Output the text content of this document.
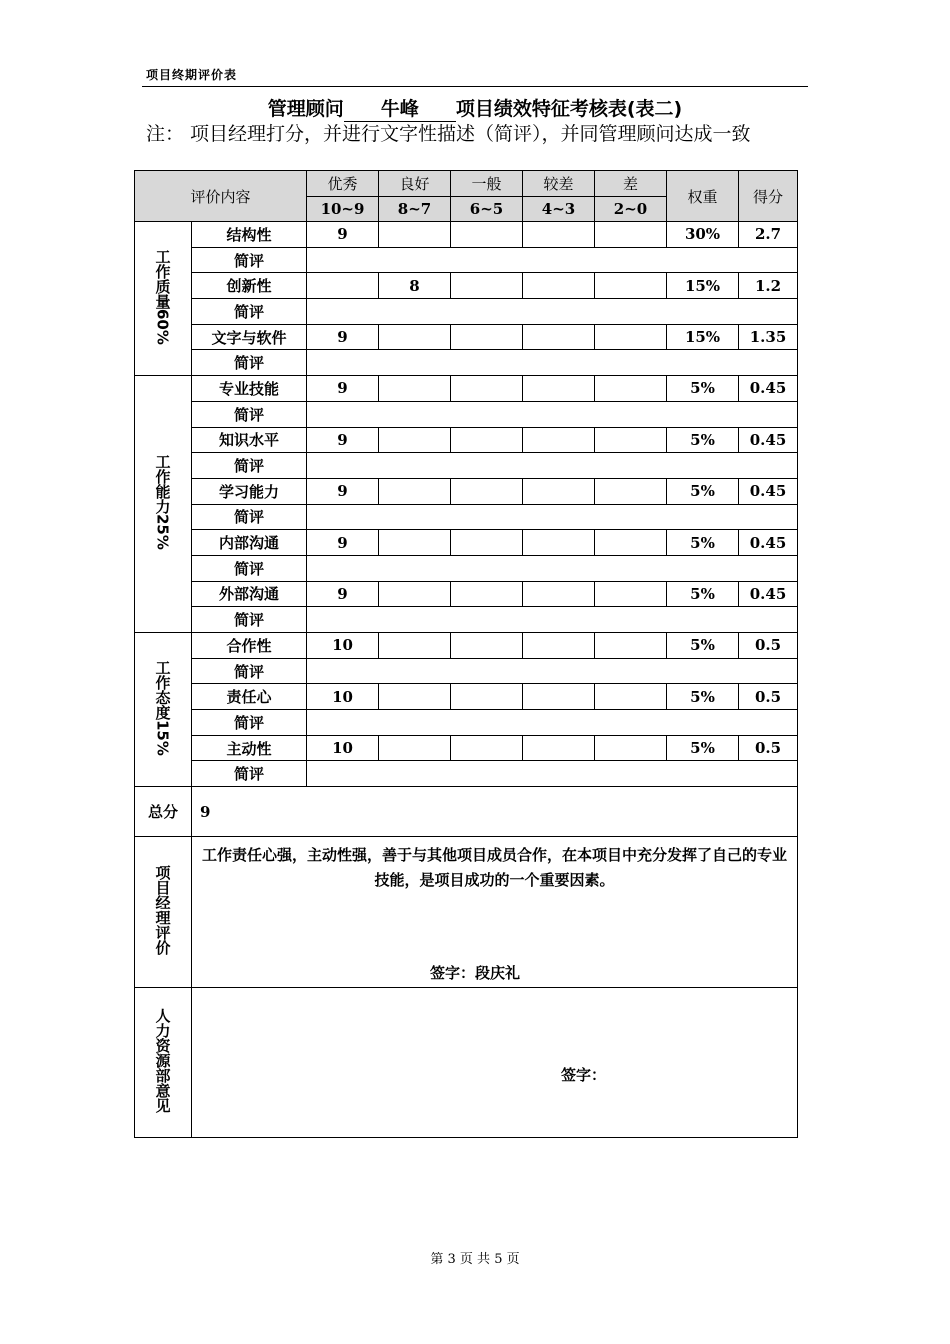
项目终期评价表
管理顾问 牛峰 项目绩效特征考核表(表二)
注： 项目经理打分，并进行文字性描述（简评），并同管理顾问达成一致
评价内容		优秀	良好	一般	较差	差	权重	得分
		10~9	8~7	6~5	4~3	2~0		
工作质量60%	结构性	9					30%	2.7
	简评							
	创新性		8				15%	1.2
	简评							
	文字与软件	9					15%	1.35
	简评							
工作能力25%	专业技能	9					5%	0.45
	简评							
	知识水平	9					5%	0.45
	简评							
	学习能力	9					5%	0.45
	简评							
	内部沟通	9					5%	0.45
	简评							
	外部沟通	9					5%	0.45
	简评							
工作态度15%	合作性	10					5%	0.5
	简评							
	责任心	10					5%	0.5
	简评							
	主动性	10					5%	0.5
	简评							
总分	9							
项目经理评价	工作责任心强，主动性强，善于与其他项目成员合作，在本项目中充分发挥了自己的专业技能，是项目成功的一个重要因素。
签字：段庆礼							

人力资源部意见	签字：							
第 3 页 共 5 页
